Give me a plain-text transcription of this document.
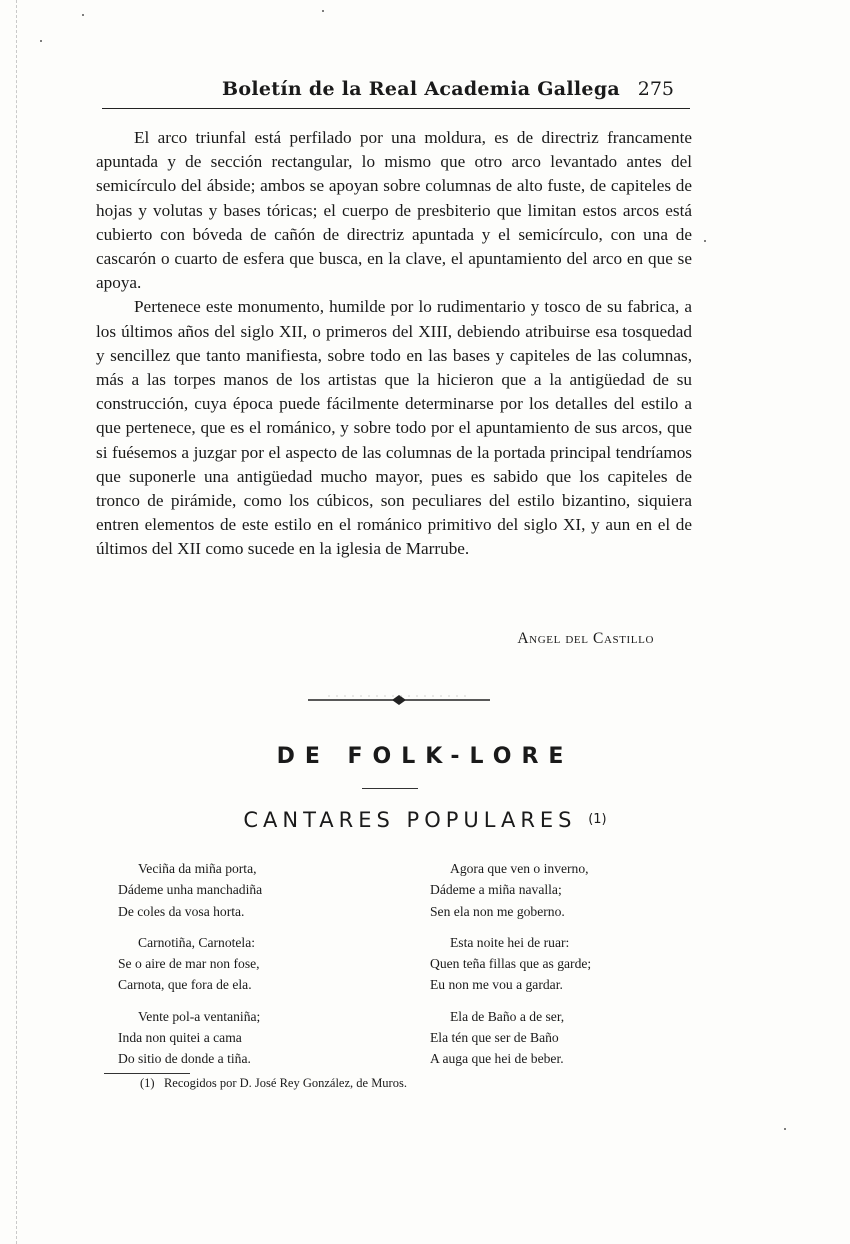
Boletín de la Real Academia Gallega 275

El arco triunfal está perfilado por una moldura, es de directriz francamente apuntada y de sección rectangular, lo mismo que otro arco levantado antes del semicírculo del ábside; ambos se apoyan sobre columnas de alto fuste, de capiteles de hojas y volutas y bases tóricas; el cuerpo de presbiterio que limitan estos arcos está cubierto con bóveda de cañón de directriz apuntada y el semicírculo, con una de cascarón o cuarto de esfera que busca, en la clave, el apuntamiento del arco en que se apoya.

Pertenece este monumento, humilde por lo rudimentario y tosco de su fabrica, a los últimos años del siglo XII, o primeros del XIII, debiendo atribuirse esa tosquedad y sencillez que tanto manifiesta, sobre todo en las bases y capiteles de las columnas, más a las torpes manos de los artistas que la hicieron que a la antigüedad de su construcción, cuya época puede fácilmente determinarse por los detalles del estilo a que pertenece, que es el románico, y sobre todo por el apuntamiento de sus arcos, que si fuésemos a juzgar por el aspecto de las columnas de la portada principal tendríamos que suponerle una antigüedad mucho mayor, pues es sabido que los capiteles de tronco de pirámide, como los cúbicos, son peculiares del estilo bizantino, siquiera entren elementos de este estilo en el románico primitivo del siglo XI, y aun en el de últimos del XII como sucede en la iglesia de Marrube.

Angel del Castillo
DE FOLK-LORE
CANTARES POPULARES $^{(1)}$
Veciña da miña porta,
Dádeme unha manchadiña
De coles da vosa horta.
Carnotiña, Carnotela:
Se o aire de mar non fose,
Carnota, que fora de ela.
Vente pol-a ventaniña;
Inda non quitei a cama
Do sitio de donde a tiña.
Agora que ven o inverno,
Dádeme a miña navalla;
Sen ela non me goberno.
Esta noite hei de ruar:
Quen teña fillas que as garde;
Eu non me vou a gardar.
Ela de Baño a de ser,
Ela tén que ser de Baño
A auga que hei de beber.
(1) Recogidos por D. José Rey González, de Muros.
